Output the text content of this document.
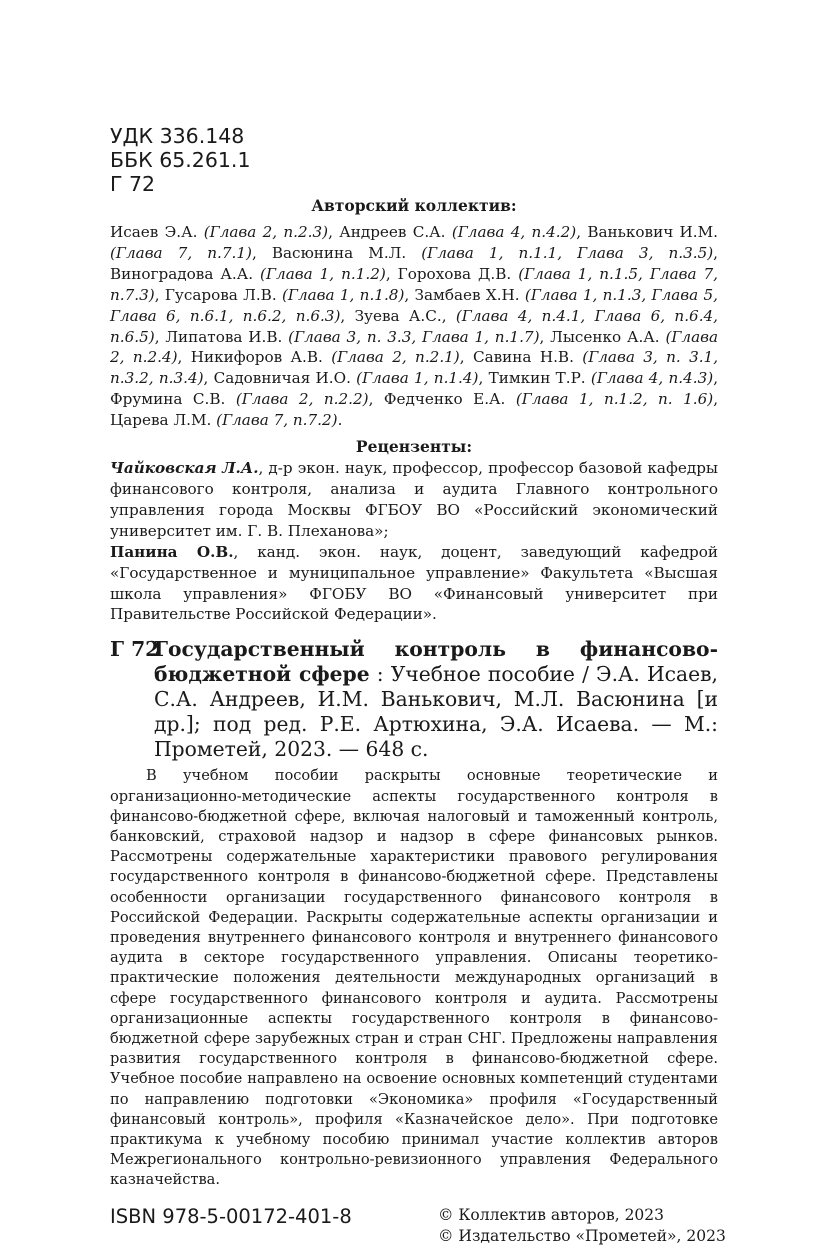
УДК 336.148
ББК 65.261.1
Г 72

Авторский коллектив:

Исаев Э.А. (Глава 2, п.2.3), Андреев С.А. (Глава 4, п.4.2), Ванькович И.М. (Глава 7, п.7.1), Васюнина М.Л. (Глава 1, п.1.1, Глава 3, п.3.5), Виноградова А.А. (Глава 1, п.1.2), Горохова Д.В. (Глава 1, п.1.5, Глава 7, п.7.3), Гусарова Л.В. (Глава 1, п.1.8), Замбаев Х.Н. (Глава 1, п.1.3, Глава 5, Глава 6, п.6.1, п.6.2, п.6.3), Зуева А.С., (Глава 4, п.4.1, Глава 6, п.6.4, п.6.5), Липатова И.В. (Глава 3, п. 3.3, Глава 1, п.1.7), Лысенко А.А. (Глава 2, п.2.4), Никифоров А.В. (Глава 2, п.2.1), Савина Н.В. (Глава 3, п. 3.1, п.3.2, п.3.4), Садовничая И.О. (Глава 1, п.1.4), Тимкин Т.Р. (Глава 4, п.4.3), Фрумина С.В. (Глава 2, п.2.2), Федченко Е.А. (Глава 1, п.1.2, п. 1.6), Царева Л.М. (Глава 7, п.7.2).

Рецензенты:

Чайковская Л.А., д-р экон. наук, профессор, профессор базовой кафедры финансового контроля, анализа и аудита Главного контрольного управления города Москвы ФГБОУ ВО «Российский экономический университет им. Г. В. Плеханова»;

Панина О.В., канд. экон. наук, доцент, заведующий кафедрой «Государственное и муниципальное управление» Факультета «Высшая школа управления» ФГОБУ ВО «Финансовый университет при Правительстве Российской Федерации».

Г 72
Государственный контроль в финансово-бюджетной сфере : Учебное пособие / Э.А. Исаев, С.А. Андреев, И.М. Ванькович, М.Л. Васюнина [и др.]; под ред. Р.Е. Артюхина, Э.А. Исаева. — М.: Прометей, 2023. — 648 с.

В учебном пособии раскрыты основные теоретические и организационно-методические аспекты государственного контроля в финансово-бюджетной сфере, включая налоговый и таможенный контроль, банковский, страховой надзор и надзор в сфере финансовых рынков. Рассмотрены содержательные характеристики правового регулирования государственного контроля в финансово-бюджетной сфере. Представлены особенности организации государственного финансового контроля в Российской Федерации. Раскрыты содержательные аспекты организации и проведения внутреннего финансового контроля и внутреннего финансового аудита в секторе государственного управления. Описаны теоретико-практические положения деятельности международных организаций в сфере государственного финансового контроля и аудита. Рассмотрены организационные аспекты государственного контроля в финансово-бюджетной сфере зарубежных стран и стран СНГ. Предложены направления развития государственного контроля в финансово-бюджетной сфере. Учебное пособие направлено на освоение основных компетенций студентами по направлению подготовки «Экономика» профиля «Государственный финансовый контроль», профиля «Казначейское дело». При подготовке практикума к учебному пособию принимал участие коллектив авторов Межрегионального контрольно-ревизионного управления Федерального казначейства.

ISBN 978-5-00172-401-8	© Коллектив авторов, 2023
© Издательство «Прометей», 2023
